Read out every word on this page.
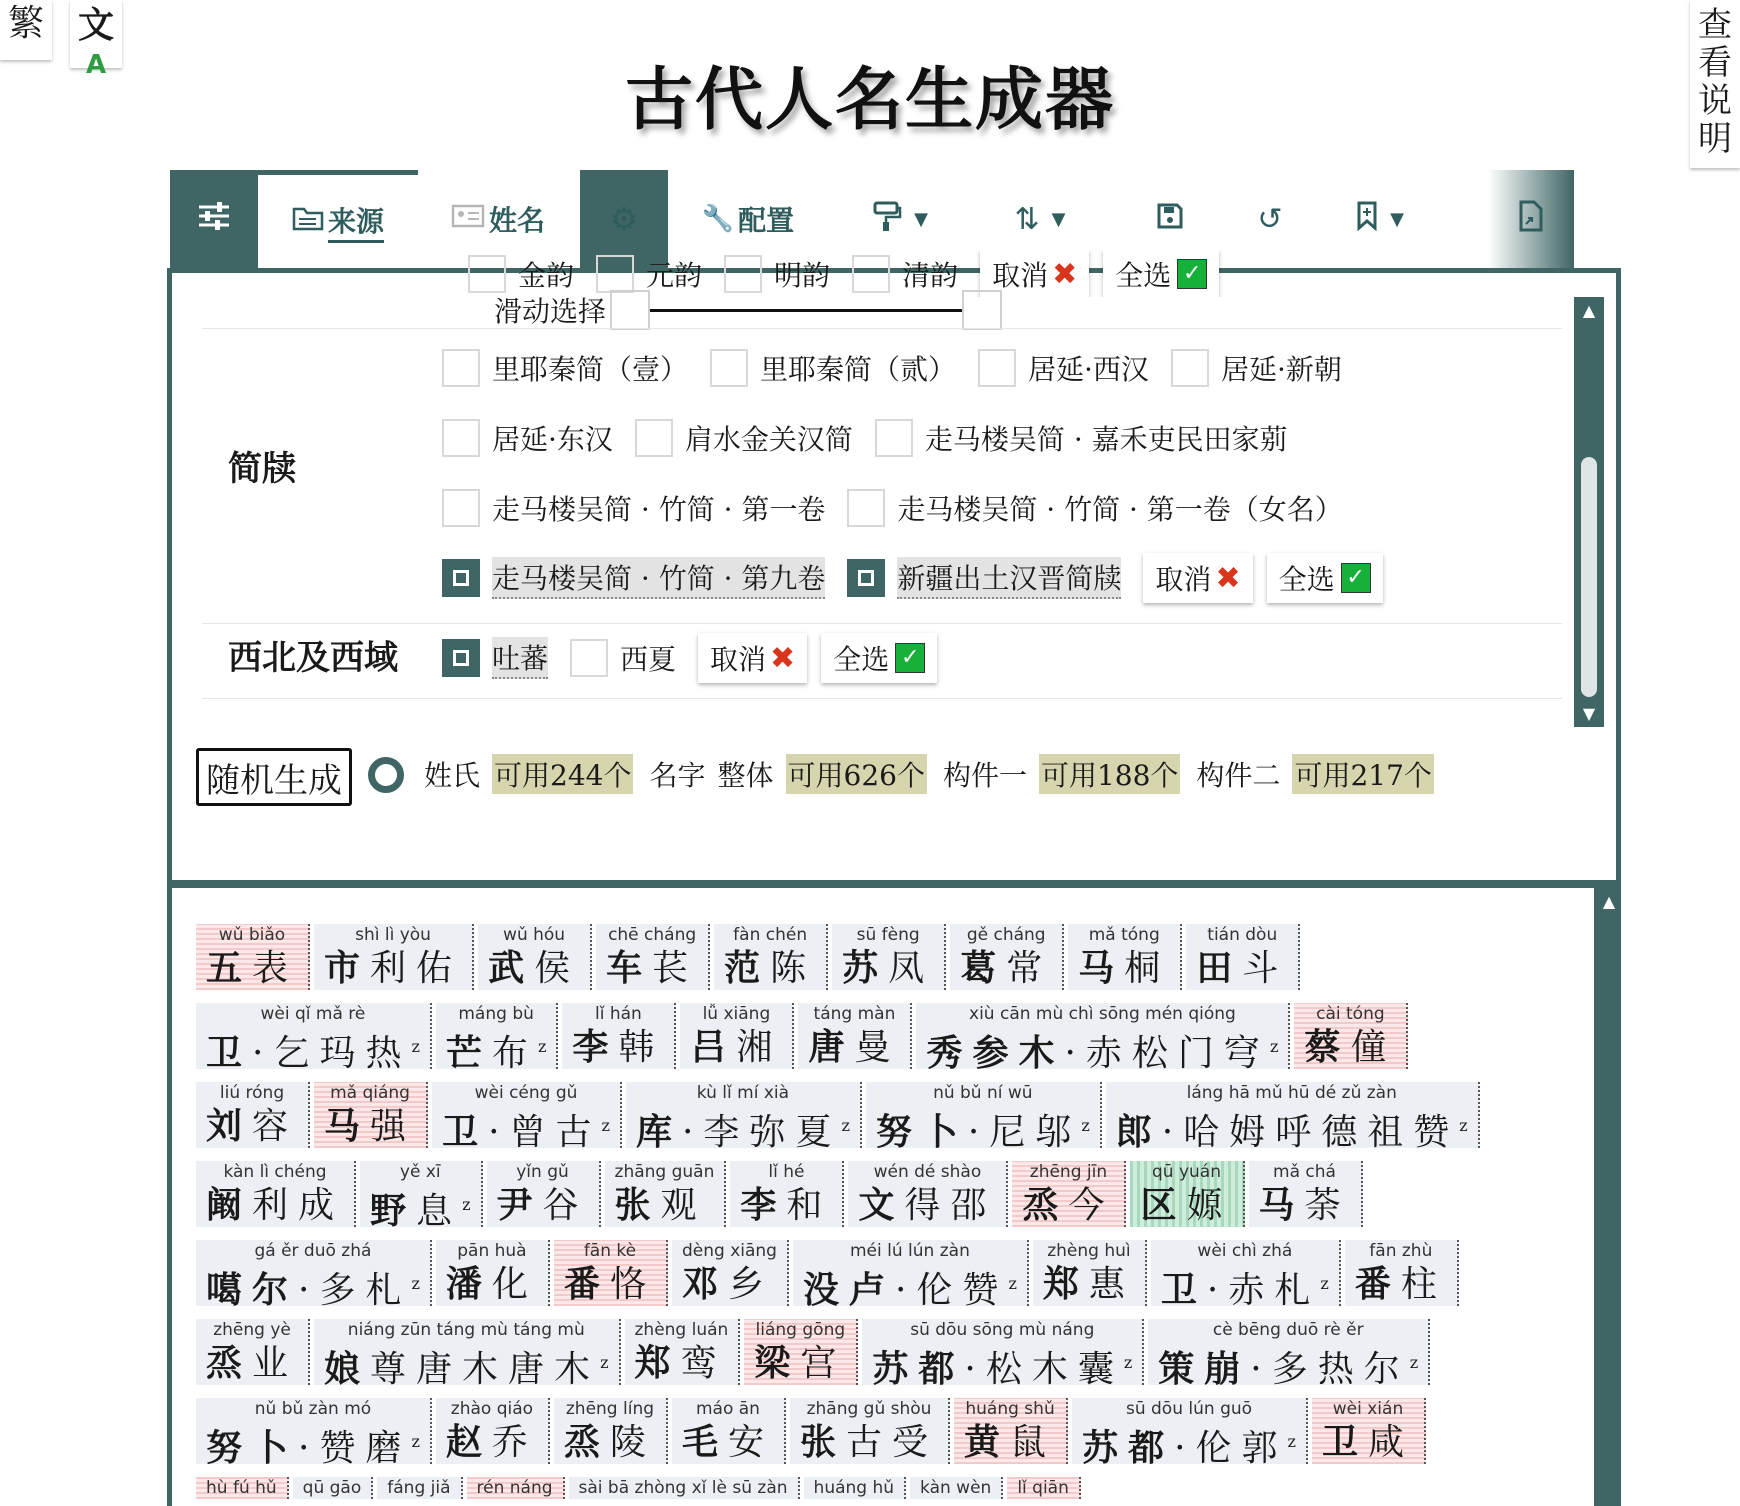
繁 文A
查看说明
古代人名生成器
来源	姓名 ⚙ 🔧 配置	▼	⇅ ▼	↺	▼
▲
▼
金韵	元韵	明韵	清韵 取消 ✖ 全选 ✓
滑动选择
简牍
里耶秦简（壹）	里耶秦简（贰）	居延·西汉	居延·新朝
居延·东汉	肩水金关汉简	走马楼吴简 · 嘉禾吏民田家莂
走马楼吴简 · 竹简 · 第一卷	走马楼吴简 · 竹简 · 第一卷（女名）
走马楼吴简 · 竹简 · 第九卷	新疆出土汉晋简牍 取消 ✖ 全选 ✓
西北及西域	吐蕃	西夏 取消 ✖ 全选 ✓
随机生成	姓氏 可用244个 名字 整体 可用626个 构件一 可用188个 构件二 可用217个
▲
wǔ biǎo
五表
shì lì yòu
市利佑
wǔ hóu
武侯
chē cháng
车苌
fàn chén
范陈
sū fèng
苏凤
gě cháng
葛常
mǎ tóng
马桐
tián dòu
田斗
wèi qǐ mǎ rè
卫·乞玛热$^z$
máng bù
芒布$^z$
lǐ hán
李韩
lǚ xiāng
吕湘
táng màn
唐曼
xiù cān mù chì sōng mén qióng
秀参木·赤松门穹$^z$
cài tóng
蔡僮
liú róng
刘容
mǎ qiáng
马强
wèi céng gǔ
卫·曾古$^z$
kù lǐ mí xià
库·李弥夏$^z$
nǔ bǔ ní wū
努卜·尼邬$^z$
láng hā mǔ hū dé zǔ zàn
郎·哈姆呼德祖赞$^z$
kàn lì chéng
阚利成
yě xī
野息$^z$
yǐn gǔ
尹谷
zhāng guān
张观
lǐ hé
李和
wén dé shào
文得邵
zhēng jīn
烝今
qū yuán
区嫄
mǎ chá
马荼
gá ěr duō zhá
噶尔·多札$^z$
pān huà
潘化
fān kè
番恪
dèng xiāng
邓乡
méi lú lún zàn
没卢·伦赞$^z$
zhèng huì
郑惠
wèi chì zhá
卫·赤札$^z$
fān zhù
番柱
zhēng yè
烝业
niáng zūn táng mù táng mù
娘尊唐木唐木$^z$
zhèng luán
郑鸾
liáng gōng
梁宫
sū dōu sōng mù náng
苏都·松木囊$^z$
cè bēng duō rè ěr
策崩·多热尔$^z$
nǔ bǔ zàn mó
努卜·赞磨$^z$
zhào qiáo
赵乔
zhēng líng
烝陵
máo ān
毛安
zhāng gǔ shòu
张古受
huáng shǔ
黄鼠
sū dōu lún guō
苏都·伦郭$^z$
wèi xián
卫咸
hù fú hǔ qū gāo fáng jiǎ rén náng sài bā zhòng xǐ lè sū zàn huáng hǔ kàn wèn lǐ qiān
